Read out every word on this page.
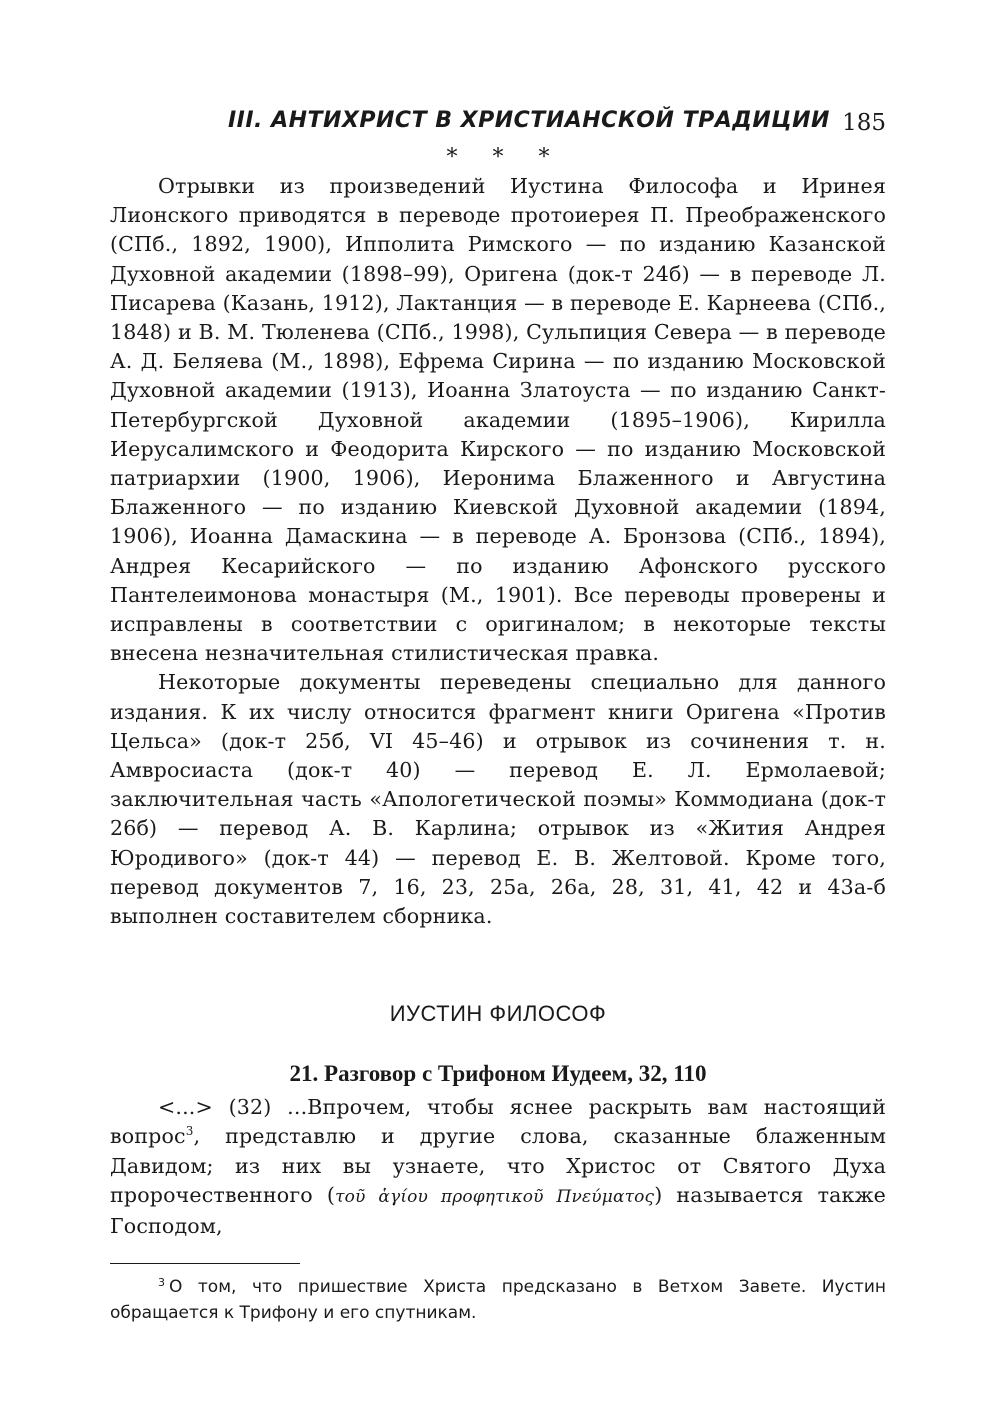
III. АНТИХРИСТ В ХРИСТИАНСКОЙ ТРАДИЦИИ 185
* * *

Отрывки из произведений Иустина Философа и Иринея Лионского приводятся в переводе протоиерея П. Преображенского (СПб., 1892, 1900), Ипполита Римского — по изданию Казанской Духовной академии (1898–99), Оригена (док-т 24б) — в переводе Л. Писарева (Казань, 1912), Лактанция — в переводе Е. Карнеева (СПб., 1848) и В. М. Тюленева (СПб., 1998), Сульпиция Севера — в переводе А. Д. Беляева (М., 1898), Ефрема Сирина — по изданию Московской Духовной академии (1913), Иоанна Златоуста — по изданию Санкт-Петербургской Духовной академии (1895–1906), Кирилла Иерусалимского и Феодорита Кирского — по изданию Московской патриархии (1900, 1906), Иеронима Блаженного и Августина Блаженного — по изданию Киевской Духовной академии (1894, 1906), Иоанна Дамаскина — в переводе А. Бронзова (СПб., 1894), Андрея Кесарийского — по изданию Афонского русского Пантелеимонова монастыря (М., 1901). Все переводы проверены и исправлены в соответствии с оригиналом; в некоторые тексты внесена незначительная стилистическая правка.

Некоторые документы переведены специально для данного издания. К их числу относится фрагмент книги Оригена «Против Цельса» (док-т 25б, VI 45–46) и отрывок из сочинения т. н. Амвросиаста (док-т 40) — перевод Е. Л. Ермолаевой; заключительная часть «Апологетической поэмы» Коммодиана (док-т 26б) — перевод А. В. Карлина; отрывок из «Жития Андрея Юродивого» (док-т 44) — перевод Е. В. Желтовой. Кроме того, перевод документов 7, 16, 23, 25а, 26а, 28, 31, 41, 42 и 43а-б выполнен составителем сборника.

ИУСТИН ФИЛОСОФ
21. Разговор с Трифоном Иудеем, 32, 110

<...> (32) ...Впрочем, чтобы яснее раскрыть вам настоящий вопрос$^3$, представлю и другие слова, сказанные блаженным Давидом; из них вы узнаете, что Христос от Святого Духа пророчественного (τοῦ ἁγίου προφητικοῦ Πνεύματος) называется также Господом,

$^3$ О том, что пришествие Христа предсказано в Ветхом Завете. Иустин обращается к Трифону и его спутникам.
